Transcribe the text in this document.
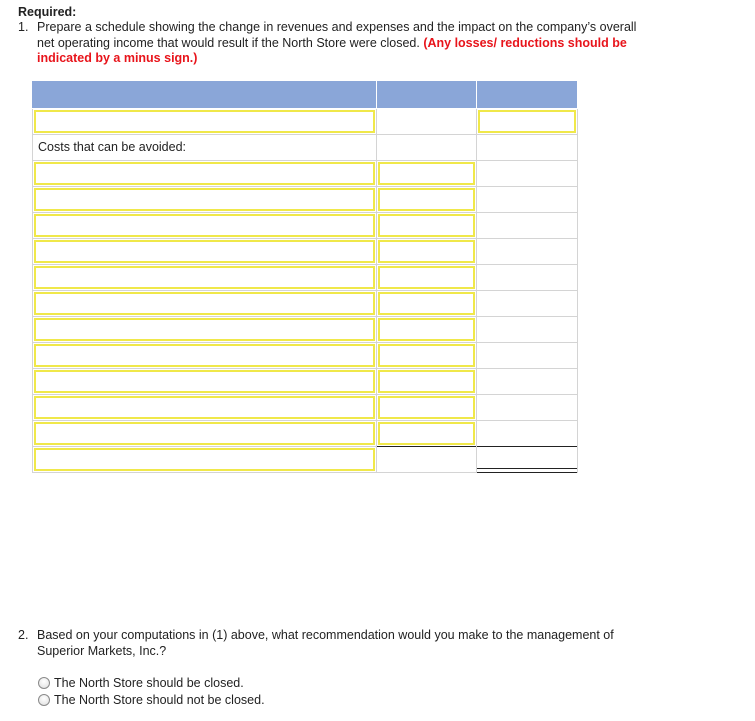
Required:
1. Prepare a schedule showing the change in revenues and expenses and the impact on the company’s overall net operating income that would result if the North Store were closed. (Any losses/ reductions should be indicated by a minus sign.)
Costs that can be avoided:
2. Based on your computations in (1) above, what recommendation would you make to the management of Superior Markets, Inc.?
The North Store should be closed.
The North Store should not be closed.
